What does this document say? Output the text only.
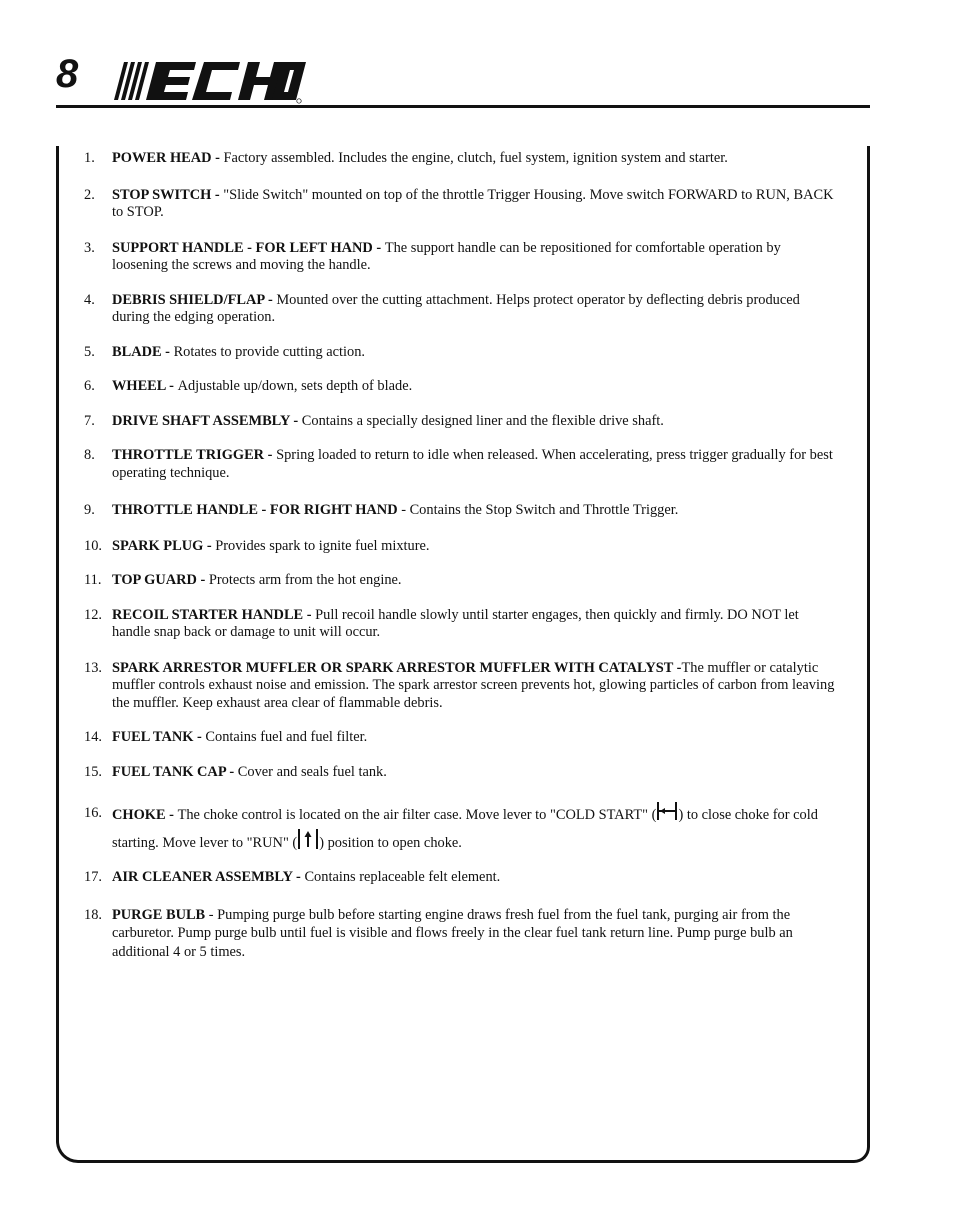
8
1. POWER HEAD - Factory assembled. Includes the engine, clutch, fuel system, ignition system and starter.
2. STOP SWITCH - "Slide Switch" mounted on top of the throttle Trigger Housing. Move switch FORWARD to RUN, BACK to STOP.
3. SUPPORT HANDLE - FOR LEFT HAND - The support handle can be repositioned for comfortable operation by loosening the screws and moving the handle.
4. DEBRIS SHIELD/FLAP - Mounted over the cutting attachment. Helps protect operator by deflecting debris produced during the edging operation.
5. BLADE - Rotates to provide cutting action.
6. WHEEL - Adjustable up/down, sets depth of blade.
7. DRIVE SHAFT ASSEMBLY - Contains a specially designed liner and the flexible drive shaft.
8. THROTTLE TRIGGER - Spring loaded to return to idle when released. When accelerating, press trigger gradually for best operating technique.
9. THROTTLE HANDLE - FOR RIGHT HAND - Contains the Stop Switch and Throttle Trigger.
10. SPARK PLUG - Provides spark to ignite fuel mixture.
11. TOP GUARD - Protects arm from the hot engine.
12. RECOIL STARTER HANDLE - Pull recoil handle slowly until starter engages, then quickly and firmly. DO NOT let handle snap back or damage to unit will occur.
13. SPARK ARRESTOR MUFFLER OR SPARK ARRESTOR MUFFLER WITH CATALYST -The muffler or catalytic muffler controls exhaust noise and emission. The spark arrestor screen prevents hot, glowing particles of carbon from leaving the muffler. Keep exhaust area clear of flammable debris.
14. FUEL TANK - Contains fuel and fuel filter.
15. FUEL TANK CAP - Cover and seals fuel tank.
16. CHOKE - The choke control is located on the air filter case. Move lever to "COLD START" ( ) to close choke for cold starting. Move lever to "RUN" ( ) position to open choke.
17. AIR CLEANER ASSEMBLY - Contains replaceable felt element.
18. PURGE BULB - Pumping purge bulb before starting engine draws fresh fuel from the fuel tank, purging air from the carburetor. Pump purge bulb until fuel is visible and flows freely in the clear fuel tank return line. Pump purge bulb an additional 4 or 5 times.
